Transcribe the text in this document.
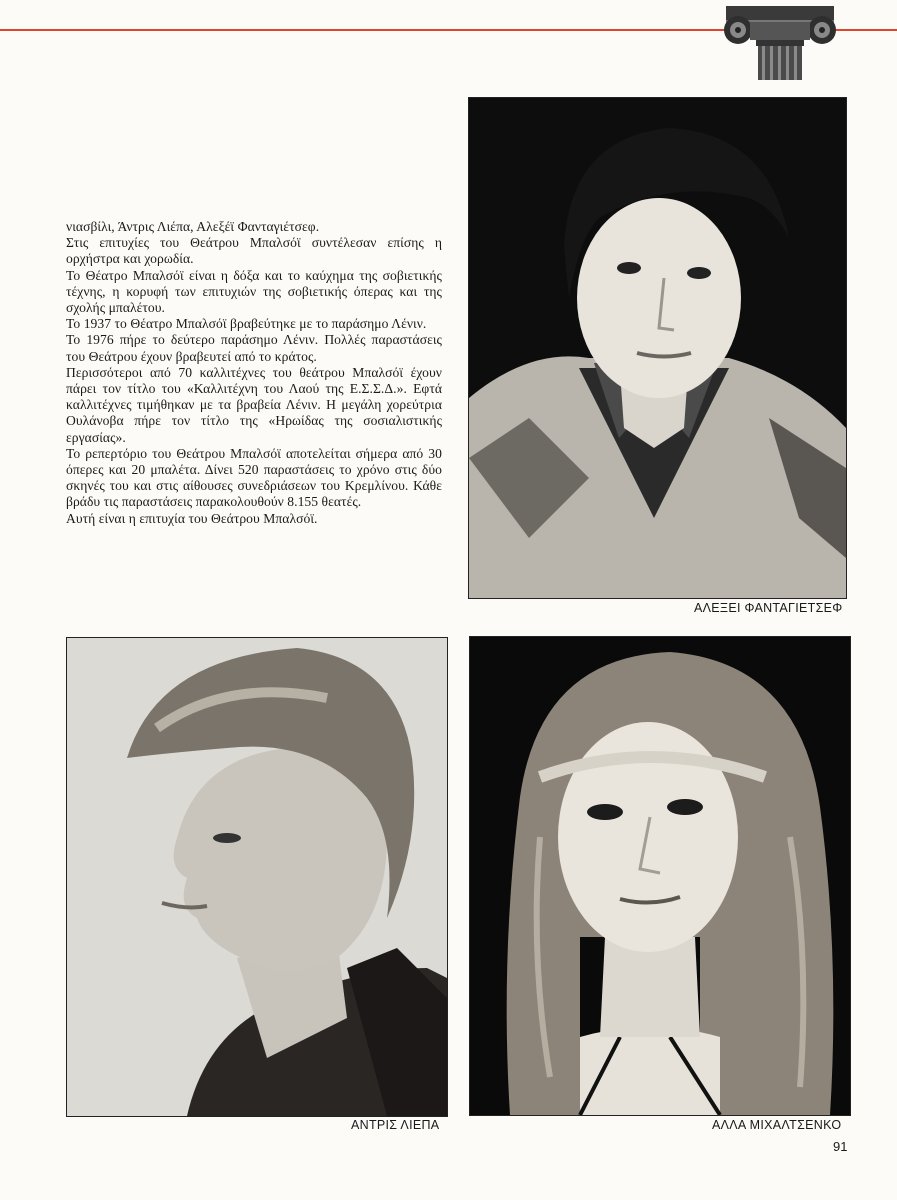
νιασβίλι, Άντρις Λιέπα, Αλεξέϊ Φανταγιέτσεφ.

Στις επιτυχίες του Θεάτρου Μπαλσόϊ συντέλεσαν επίσης η ορχήστρα και χορωδία.

Το Θέατρο Μπαλσόϊ είναι η δόξα και το καύχημα της σοβιετικής τέχνης, η κορυφή των επιτυχιών της σοβιετικής όπερας και της σχολής μπαλέτου.

Το 1937 το Θέατρο Μπαλσόϊ βραβεύτηκε με το παράσημο Λένιν.

Το 1976 πήρε το δεύτερο παράσημο Λένιν. Πολλές παραστάσεις του Θεάτρου έχουν βραβευτεί από το κράτος.

Περισσότεροι από 70 καλλιτέχνες του θεάτρου Μπαλσόϊ έχουν πάρει τον τίτλο του «Καλλιτέχνη του Λαού της Ε.Σ.Σ.Δ.». Εφτά καλλιτέχνες τιμήθηκαν με τα βραβεία Λένιν. Η μεγάλη χορεύτρια Ουλάνοβα πήρε τον τίτλο της «Ηρωίδας της σοσιαλιστικής εργασίας».

Το ρεπερτόριο του Θεάτρου Μπαλσόϊ αποτελείται σήμερα από 30 όπερες και 20 μπαλέτα. Δίνει 520 παραστάσεις το χρόνο στις δύο σκηνές του και στις αίθουσες συνεδριάσεων του Κρεμλίνου. Κάθε βράδυ τις παραστάσεις παρακολουθούν 8.155 θεατές.

Αυτή είναι η επιτυχία του Θεάτρου Μπαλσόϊ.

ΑΛΕΞΕΙ ΦΑΝΤΑΓΙΕΤΣΕΦ
ΑΝΤΡΙΣ ΛΙΕΠΑ	ΑΛΛΑ ΜΙΧΑΛΤΣΕΝΚΟ
91
